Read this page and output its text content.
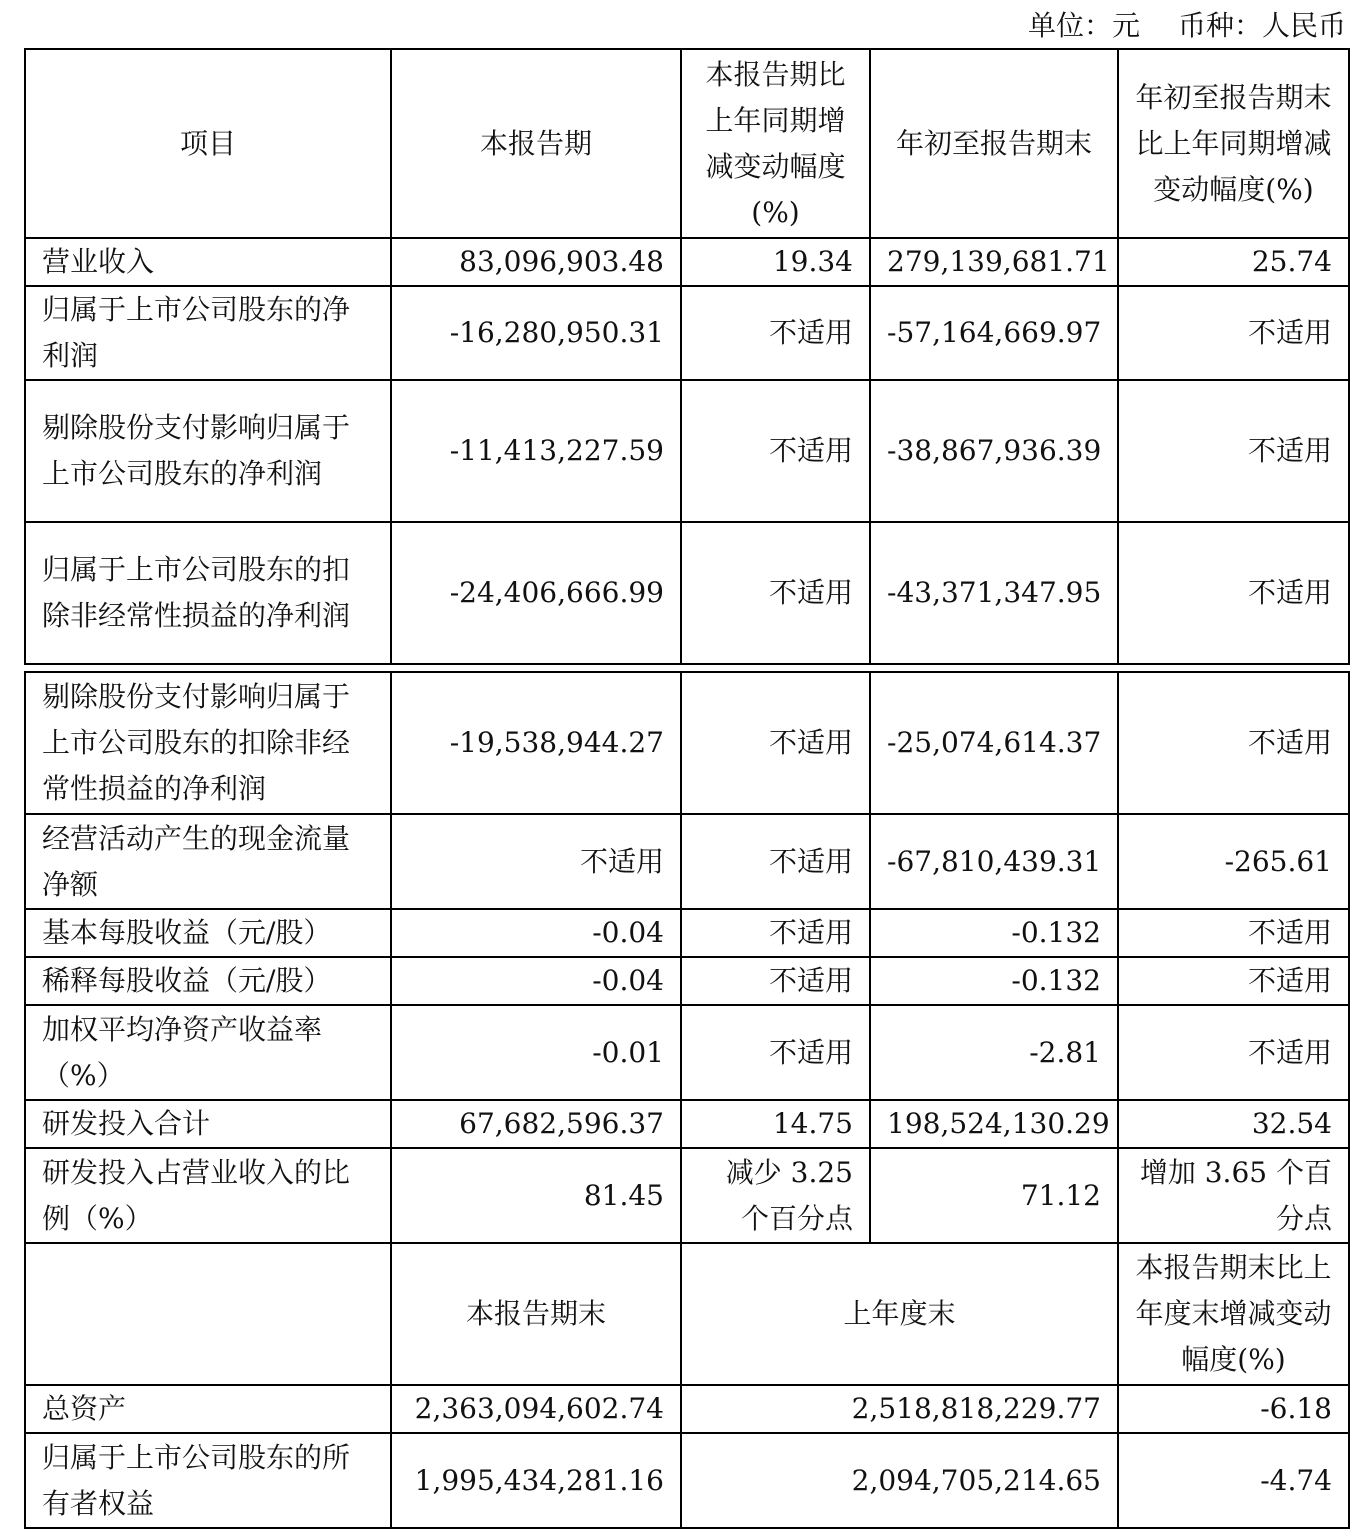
单位：元 币种：人民币
项目	本报告期	本报告期比上年同期增减变动幅度(%)	年初至报告期末	年初至报告期末比上年同期增减变动幅度(%)
营业收入	83,096,903.48	19.34	279,139,681.71	25.74
归属于上市公司股东的净利润	-16,280,950.31	不适用	-57,164,669.97	不适用
剔除股份支付影响归属于上市公司股东的净利润	-11,413,227.59	不适用	-38,867,936.39	不适用
归属于上市公司股东的扣除非经常性损益的净利润	-24,406,666.99	不适用	-43,371,347.95	不适用
剔除股份支付影响归属于上市公司股东的扣除非经常性损益的净利润	-19,538,944.27	不适用	-25,074,614.37	不适用
经营活动产生的现金流量净额	不适用	不适用	-67,810,439.31	-265.61
基本每股收益（元/股）	-0.04	不适用	-0.132	不适用
稀释每股收益（元/股）	-0.04	不适用	-0.132	不适用
加权平均净资产收益率（%）	-0.01	不适用	-2.81	不适用
研发投入合计	67,682,596.37	14.75	198,524,130.29	32.54
研发投入占营业收入的比例（%）	81.45	减少 3.25 个百分点	71.12	增加 3.65 个百分点
	本报告期末	上年度末		本报告期末比上年度末增减变动幅度(%)
总资产	2,363,094,602.74	2,518,818,229.77		-6.18
归属于上市公司股东的所有者权益	1,995,434,281.16	2,094,705,214.65		-4.74
